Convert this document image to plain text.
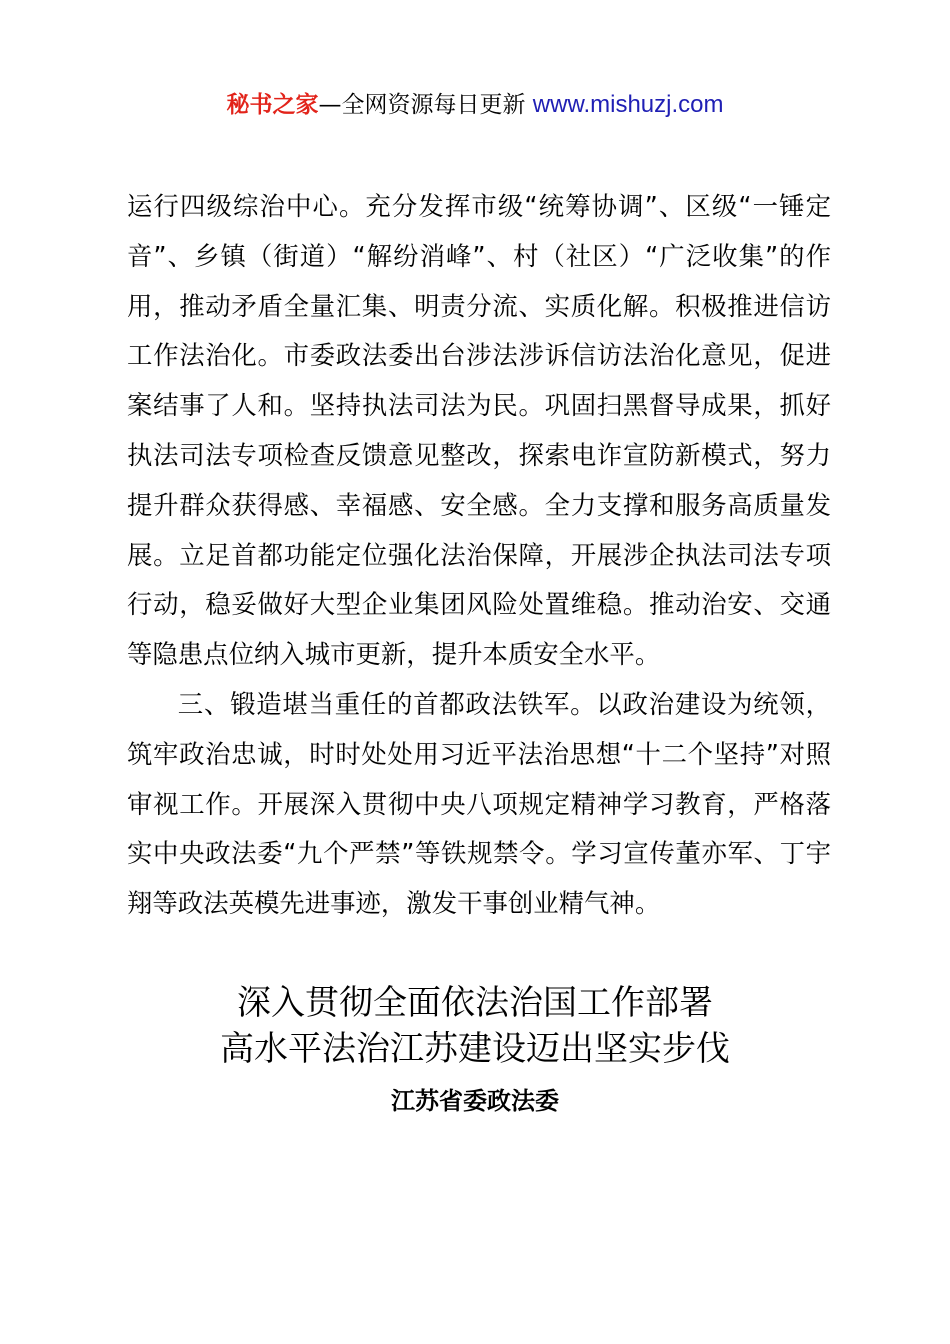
秘书之家—全网资源每日更新 www.mishuzj.com

运行四级综治中心。充分发挥市级“统筹协调”、区级“一锤定音”、乡镇（街道）“解纷消峰”、村（社区）“广泛收集”的作用，推动矛盾全量汇集、明责分流、实质化解。积极推进信访工作法治化。市委政法委出台涉法涉诉信访法治化意见，促进案结事了人和。坚持执法司法为民。巩固扫黑督导成果，抓好执法司法专项检查反馈意见整改，探索电诈宣防新模式，努力提升群众获得感、幸福感、安全感。全力支撑和服务高质量发展。立足首都功能定位强化法治保障，开展涉企执法司法专项行动，稳妥做好大型企业集团风险处置维稳。推动治安、交通等隐患点位纳入城市更新，提升本质安全水平。

三、锻造堪当重任的首都政法铁军。以政治建设为统领，筑牢政治忠诚，时时处处用习近平法治思想“十二个坚持”对照审视工作。开展深入贯彻中央八项规定精神学习教育，严格落实中央政法委“九个严禁”等铁规禁令。学习宣传董亦军、丁宇翔等政法英模先进事迹，激发干事创业精气神。

深入贯彻全面依法治国工作部署
高水平法治江苏建设迈出坚实步伐
江苏省委政法委
